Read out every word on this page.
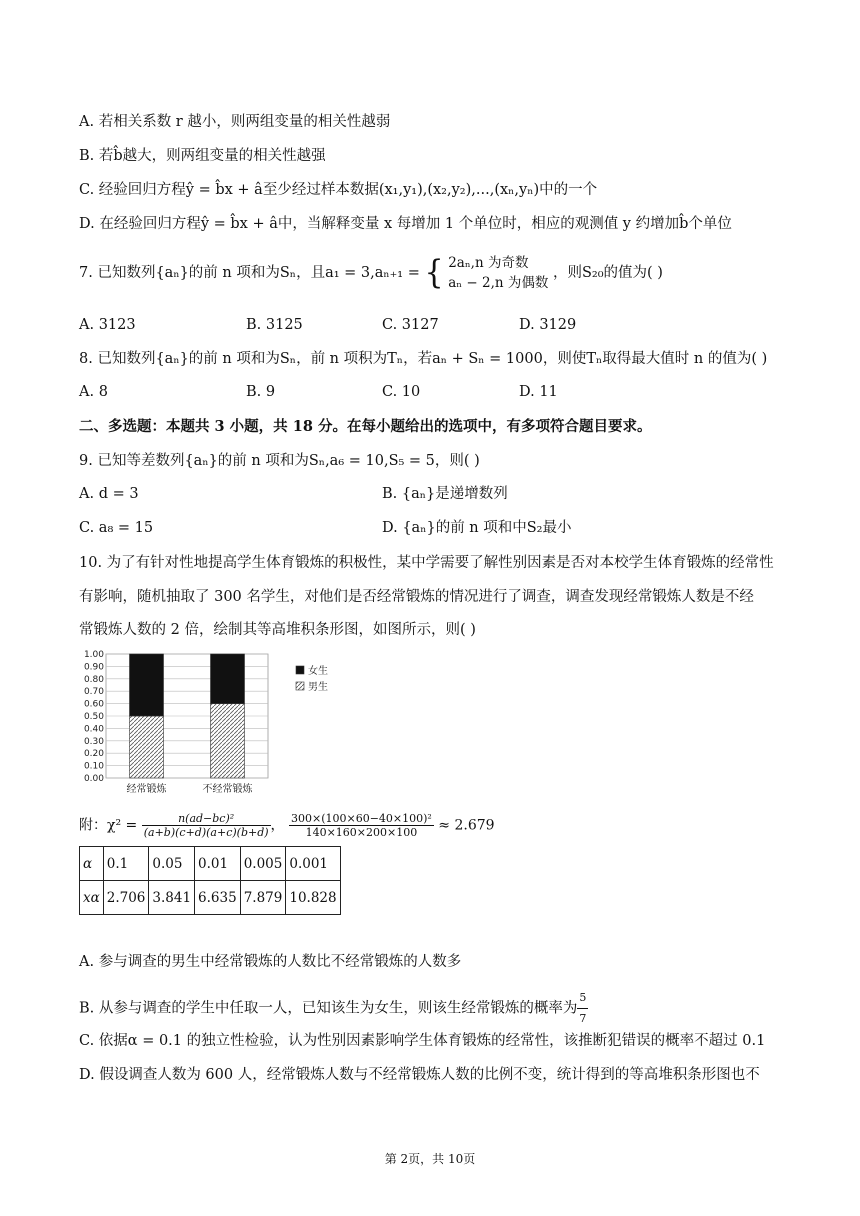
A. 若相关系数 r 越小，则两组变量的相关性越弱
B. 若b̂越大，则两组变量的相关性越强
C. 经验回归方程ŷ = b̂x + â至少经过样本数据(x₁,y₁),(x₂,y₂),...,(xₙ,yₙ)中的一个
D. 在经验回归方程ŷ = b̂x + â中，当解释变量 x 每增加 1 个单位时，相应的观测值 y 约增加b̂个单位
7. 已知数列{aₙ}的前 n 项和为Sₙ，且a₁ = 3,aₙ₊₁ = { 2aₙ,n 为奇数
aₙ − 2,n 为偶数
，则S₂₀的值为( )
A. 3123	B. 3125	C. 3127	D. 3129
8. 已知数列{aₙ}的前 n 项和为Sₙ，前 n 项积为Tₙ，若aₙ + Sₙ = 1000，则使Tₙ取得最大值时 n 的值为( )
A. 8	B. 9	C. 10	D. 11
二、多选题：本题共 3 小题，共 18 分。在每小题给出的选项中，有多项符合题目要求。
9. 已知等差数列{aₙ}的前 n 项和为Sₙ,a₆ = 10,S₅ = 5，则( )
A. d = 3	B. {aₙ}是递增数列
C. a₈ = 15	D. {aₙ}的前 n 项和中S₂最小
10. 为了有针对性地提高学生体育锻炼的积极性，某中学需要了解性别因素是否对本校学生体育锻炼的经常性
有影响，随机抽取了 300 名学生，对他们是否经常锻炼的情况进行了调查，调查发现经常锻炼人数是不经
常锻炼人数的 2 倍，绘制其等高堆积条形图，如图所示，则( )
0.00
0.10
0.20
0.30
0.40
0.50
0.60
0.70
0.80
0.90
1.00
经常锻炼	不经常锻炼
女生
男生
附：$\chi^2 = \frac{\text{n(ad−bc)²}}{(a+b)(c+d)(a+c)(b+d)}$ ， $\frac{\text{300×(100×60−40×100)²}}{140\times 160\times 200\times 100} \approx 2.679$
α	0.1	0.05	0.01	0.005	0.001
xα	2.706	3.841	6.635	7.879	10.828
A. 参与调查的男生中经常锻炼的人数比不经常锻炼的人数多
B. 从参与调查的学生中任取一人，已知该生为女生，则该生经常锻炼的概率为 $\frac{5}{7}$
C. 依据α = 0.1 的独立性检验，认为性别因素影响学生体育锻炼的经常性，该推断犯错误的概率不超过 0.1
D. 假设调查人数为 600 人，经常锻炼人数与不经常锻炼人数的比例不变，统计得到的等高堆积条形图也不
第 2页，共 10页
